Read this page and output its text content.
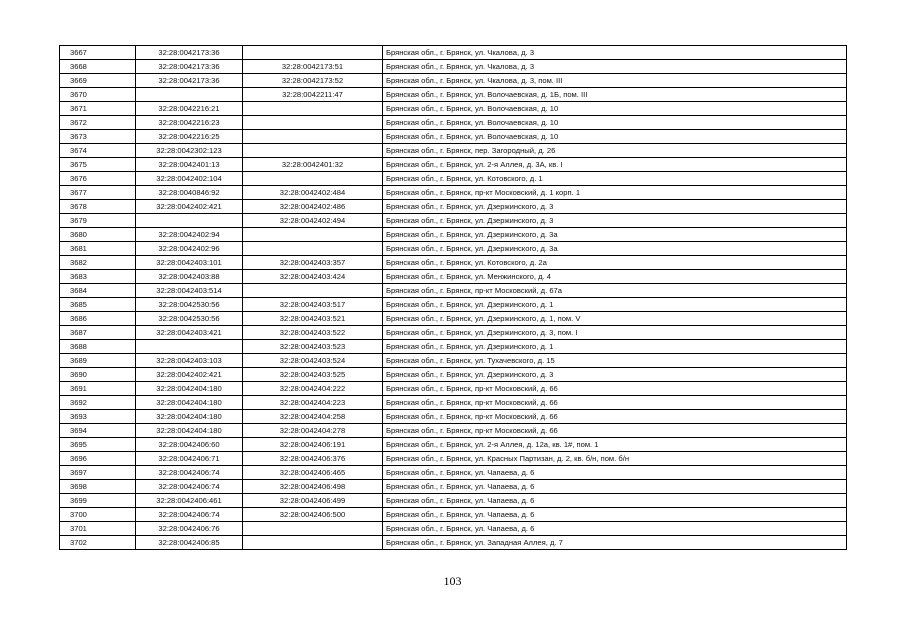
3667	32:28:0042173:36		Брянская обл., г. Брянск, ул. Чкалова, д. 3
3668	32:28:0042173:36	32:28:0042173:51	Брянская обл., г. Брянск, ул. Чкалова, д. 3
3669	32:28:0042173:36	32:28:0042173:52	Брянская обл., г. Брянск, ул. Чкалова, д. 3, пом. III
3670		32:28:0042211:47	Брянская обл., г. Брянск, ул. Волочаевская, д. 1Б, пом. III
3671	32:28:0042216:21		Брянская обл., г. Брянск, ул. Волочаевская, д. 10
3672	32:28:0042216:23		Брянская обл., г. Брянск, ул. Волочаевская, д. 10
3673	32:28:0042216:25		Брянская обл., г. Брянск, ул. Волочаевская, д. 10
3674	32:28:0042302:123		Брянская обл., г. Брянск, пер. Загородный, д. 26
3675	32:28:0042401:13	32:28:0042401:32	Брянская обл., г. Брянск, ул. 2-я Аллея, д. 3А, кв. I
3676	32:28:0042402:104		Брянская обл., г. Брянск, ул. Котовского, д. 1
3677	32:28:0040846:92	32:28:0042402:484	Брянская обл., г. Брянск, пр-кт Московский, д. 1 корп. 1
3678	32:28:0042402:421	32:28:0042402:486	Брянская обл., г. Брянск, ул. Дзержинского, д. 3
3679		32:28:0042402:494	Брянская обл., г. Брянск, ул. Дзержинского, д. 3
3680	32:28:0042402:94		Брянская обл., г. Брянск, ул. Дзержинского, д. 3а
3681	32:28:0042402:96		Брянская обл., г. Брянск, ул. Дзержинского, д. 3а
3682	32:28:0042403:101	32:28:0042403:357	Брянская обл., г. Брянск, ул. Котовского, д. 2а
3683	32:28:0042403:88	32:28:0042403:424	Брянская обл., г. Брянск, ул. Менжинского, д. 4
3684	32:28:0042403:514		Брянская обл., г. Брянск, пр-кт Московский, д. 67а
3685	32:28:0042530:56	32:28:0042403:517	Брянская обл., г. Брянск, ул. Дзержинского, д. 1
3686	32:28:0042530:56	32:28:0042403:521	Брянская обл., г. Брянск, ул. Дзержинского, д. 1, пом. V
3687	32:28:0042403:421	32:28:0042403:522	Брянская обл., г. Брянск, ул. Дзержинского, д. 3, пом. I
3688		32:28:0042403:523	Брянская обл., г. Брянск, ул. Дзержинского, д. 1
3689	32:28:0042403:103	32:28:0042403:524	Брянская обл., г. Брянск, ул. Тухачевского, д. 15
3690	32:28:0042402:421	32:28:0042403:525	Брянская обл., г. Брянск, ул. Дзержинского, д. 3
3691	32:28:0042404:180	32:28:0042404:222	Брянская обл., г. Брянск, пр-кт Московский, д. 66
3692	32:28:0042404:180	32:28:0042404:223	Брянская обл., г. Брянск, пр-кт Московский, д. 66
3693	32:28:0042404:180	32:28:0042404:258	Брянская обл., г. Брянск, пр-кт Московский, д. 66
3694	32:28:0042404:180	32:28:0042404:278	Брянская обл., г. Брянск, пр-кт Московский, д. 66
3695	32:28:0042406:60	32:28:0042406:191	Брянская обл., г. Брянск, ул. 2-я Аллея, д. 12а, кв. 1#, пом. 1
3696	32:28:0042406:71	32:28:0042406:376	Брянская обл., г. Брянск, ул. Красных Партизан, д. 2, кв. б/н, пом. б/н
3697	32:28:0042406:74	32:28:0042406:465	Брянская обл., г. Брянск, ул. Чапаева, д. 6
3698	32:28:0042406:74	32:28:0042406:498	Брянская обл., г. Брянск, ул. Чапаева, д. 6
3699	32:28:0042406:461	32:28:0042406:499	Брянская обл., г. Брянск, ул. Чапаева, д. 6
3700	32:28:0042406:74	32:28:0042406:500	Брянская обл., г. Брянск, ул. Чапаева, д. 6
3701	32:28:0042406:76		Брянская обл., г. Брянск, ул. Чапаева, д. 6
3702	32:28:0042406:85		Брянская обл., г. Брянск, ул. Западная Аллея, д. 7
103
